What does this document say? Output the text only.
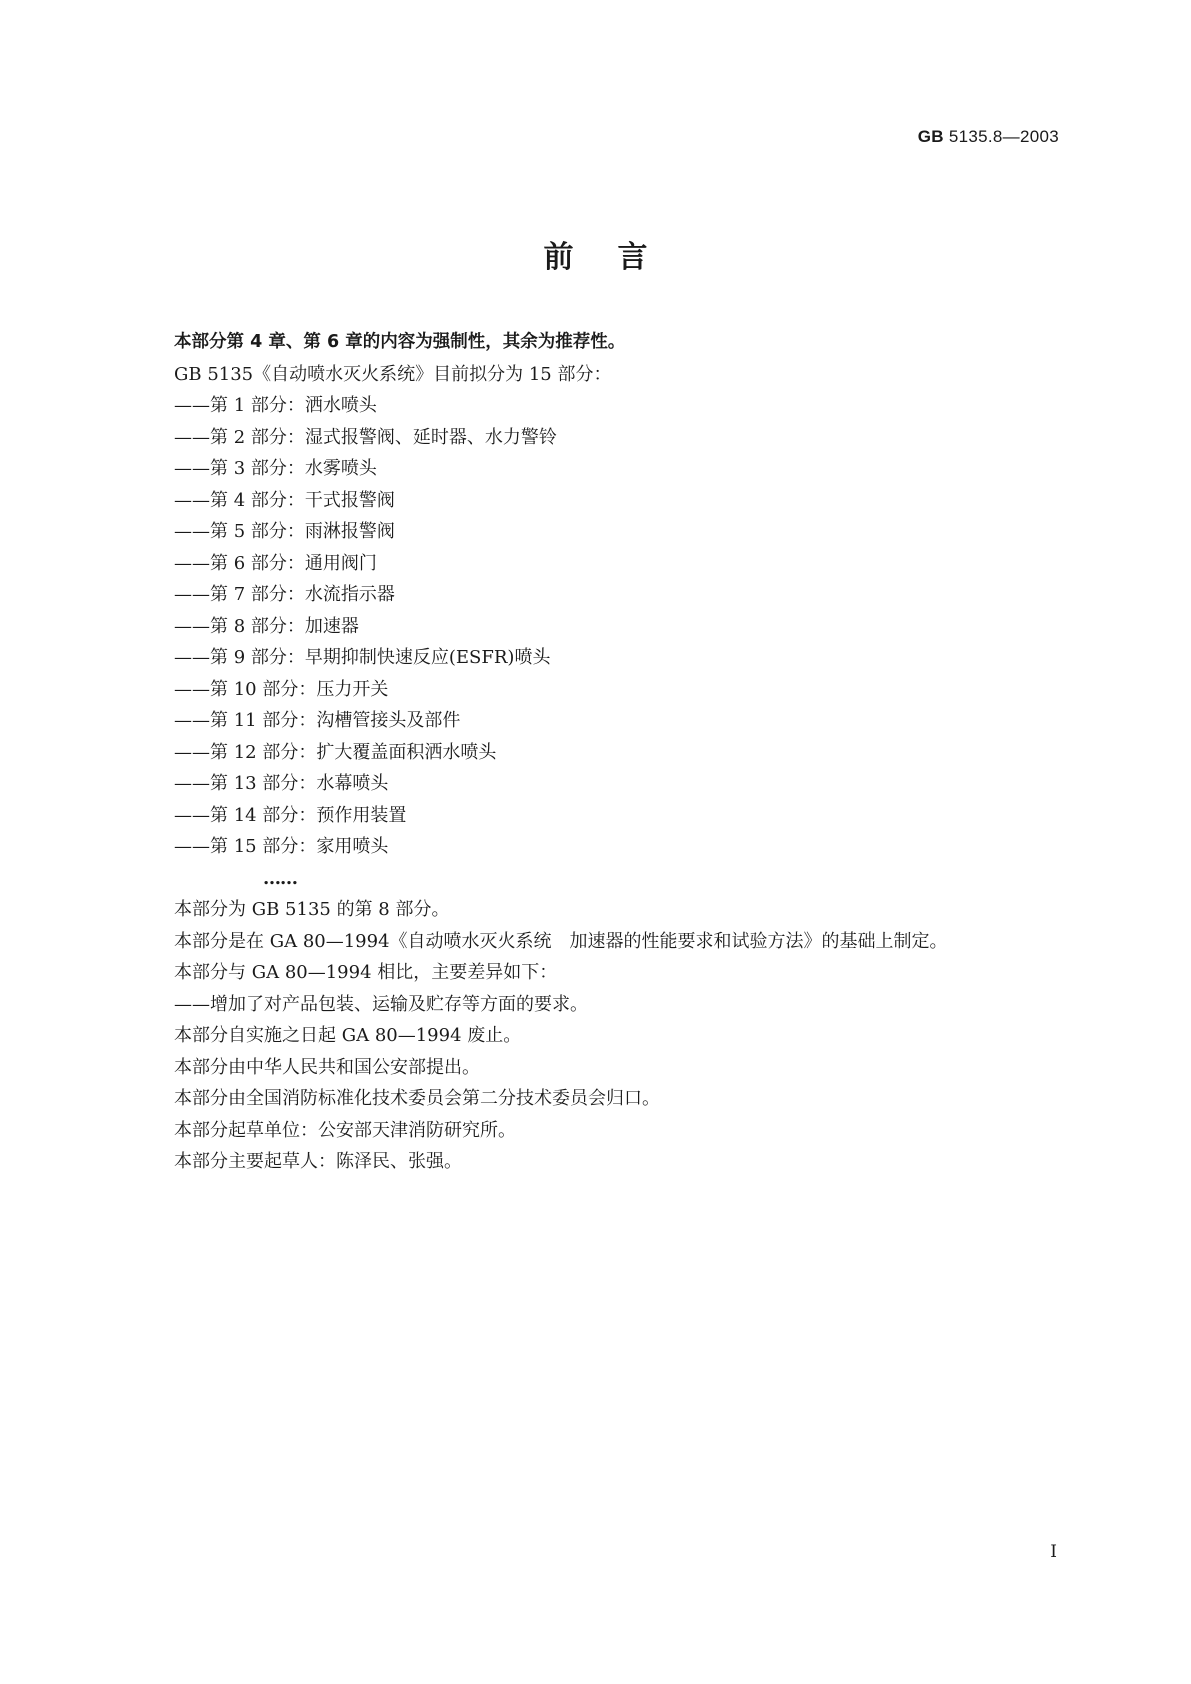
GB 5135.8—2003
前言
本部分第 4 章、第 6 章的内容为强制性，其余为推荐性。
GB 5135《自动喷水灭火系统》目前拟分为 15 部分：
——第 1 部分：洒水喷头
——第 2 部分：湿式报警阀、延时器、水力警铃
——第 3 部分：水雾喷头
——第 4 部分：干式报警阀
——第 5 部分：雨淋报警阀
——第 6 部分：通用阀门
——第 7 部分：水流指示器
——第 8 部分：加速器
——第 9 部分：早期抑制快速反应(ESFR)喷头
——第 10 部分：压力开关
——第 11 部分：沟槽管接头及部件
——第 12 部分：扩大覆盖面积洒水喷头
——第 13 部分：水幕喷头
——第 14 部分：预作用装置
——第 15 部分：家用喷头
……
本部分为 GB 5135 的第 8 部分。
本部分是在 GA 80—1994《自动喷水灭火系统　加速器的性能要求和试验方法》的基础上制定。
本部分与 GA 80—1994 相比，主要差异如下：
——增加了对产品包装、运输及贮存等方面的要求。
本部分自实施之日起 GA 80—1994 废止。
本部分由中华人民共和国公安部提出。
本部分由全国消防标准化技术委员会第二分技术委员会归口。
本部分起草单位：公安部天津消防研究所。
本部分主要起草人：陈泽民、张强。
I
